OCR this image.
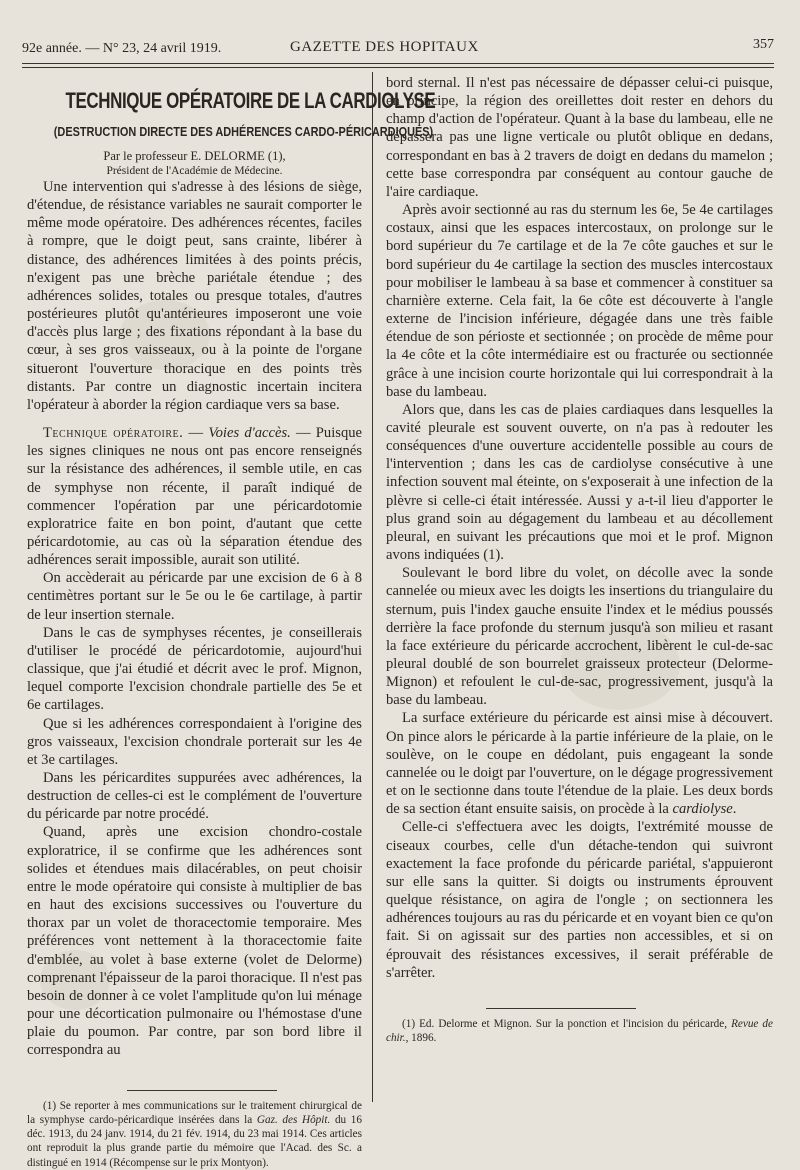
92e année. — N° 23, 24 avril 1919.	GAZETTE DES HOPITAUX	357
TECHNIQUE OPÉRATOIRE DE LA CARDIOLYSE
(DESTRUCTION DIRECTE DES ADHÉRENCES CARDO-PÉRICARDIQUES)

Par le professeur E. DELORME (1),

Président de l'Académie de Médecine.

Une intervention qui s'adresse à des lésions de siège, d'étendue, de résistance variables ne saurait comporter le même mode opératoire. Des adhérences récentes, faciles à rompre, que le doigt peut, sans crainte, libérer à distance, des adhérences limitées à des points précis, n'exigent pas une brèche pariétale étendue ; des adhérences solides, totales ou presque totales, d'autres postérieures plutôt qu'antérieures imposeront une voie d'accès plus large ; des fixations répondant à la base du cœur, à ses gros vaisseaux, ou à la pointe de l'organe situeront l'ouverture thoracique en des points très distants. Par contre un diagnostic incertain incitera l'opérateur à aborder la région cardiaque vers sa base.

Technique opératoire. — Voies d'accès. — Puisque les signes cliniques ne nous ont pas encore renseignés sur la résistance des adhérences, il semble utile, en cas de symphyse non récente, il paraît indiqué de commencer l'opération par une péricardotomie exploratrice faite en bon point, d'autant que cette péricardotomie, au cas où la séparation étendue des adhérences serait impossible, aurait son utilité.

On accèderait au péricarde par une excision de 6 à 8 centimètres portant sur le 5e ou le 6e cartilage, à partir de leur insertion sternale.

Dans le cas de symphyses récentes, je conseillerais d'utiliser le procédé de péricardotomie, aujourd'hui classique, que j'ai étudié et décrit avec le prof. Mignon, lequel comporte l'excision chondrale partielle des 5e et 6e cartilages.

Que si les adhérences correspondaient à l'origine des gros vaisseaux, l'excision chondrale porterait sur les 4e et 3e cartilages.

Dans les péricardites suppurées avec adhérences, la destruction de celles-ci est le complément de l'ouverture du péricarde par notre procédé.

Quand, après une excision chondro-costale exploratrice, il se confirme que les adhérences sont solides et étendues mais dilacérables, on peut choisir entre le mode opératoire qui consiste à multiplier de bas en haut des excisions successives ou l'ouverture du thorax par un volet de thoracectomie temporaire. Mes préférences vont nettement à la thoracectomie faite d'emblée, au volet à base externe (volet de Delorme) comprenant l'épaisseur de la paroi thoracique. Il n'est pas besoin de donner à ce volet l'amplitude qu'on lui ménage pour une décortication pulmonaire ou l'hémostase d'une plaie du poumon. Par contre, par son bord libre il correspondra au

(1) Se reporter à mes communications sur le traitement chirurgical de la symphyse cardo-péricardique insérées dans la Gaz. des Hôpit. du 16 déc. 1913, du 24 janv. 1914, du 21 fév. 1914, du 23 mai 1914. Ces articles ont reproduit la plus grande partie du mémoire que l'Acad. des Sc. a distingué en 1914 (Récompense sur le prix Montyon).

bord sternal. Il n'est pas nécessaire de dépasser celui-ci puisque, en principe, la région des oreillettes doit rester en dehors du champ d'action de l'opérateur. Quant à la base du lambeau, elle ne dépassera pas une ligne verticale ou plutôt oblique en dedans, correspondant en bas à 2 travers de doigt en dedans du mamelon ; cette base correspondra par conséquent au contour gauche de l'aire cardiaque.

Après avoir sectionné au ras du sternum les 6e, 5e 4e cartilages costaux, ainsi que les espaces intercostaux, on prolonge sur le bord supérieur du 7e cartilage et de la 7e côte gauches et sur le bord supérieur du 4e cartilage la section des muscles intercostaux pour mobiliser le lambeau à sa base et commencer à constituer sa charnière externe. Cela fait, la 6e côte est découverte à l'angle externe de l'incision inférieure, dégagée dans une très faible étendue de son périoste et sectionnée ; on procède de même pour la 4e côte et la côte intermédiaire est ou fracturée ou sectionnée grâce à une incision courte horizontale qui lui correspondrait à la base du lambeau.

Alors que, dans les cas de plaies cardiaques dans lesquelles la cavité pleurale est souvent ouverte, on n'a pas à redouter les conséquences d'une ouverture accidentelle possible au cours de l'intervention ; dans les cas de cardiolyse consécutive à une infection souvent mal éteinte, on s'exposerait à une infection de la plèvre si celle-ci était intéressée. Aussi y a-t-il lieu d'apporter le plus grand soin au dégagement du lambeau et au décollement pleural, en suivant les précautions que moi et le prof. Mignon avons indiquées (1).

Soulevant le bord libre du volet, on décolle avec la sonde cannelée ou mieux avec les doigts les insertions du triangulaire du sternum, puis l'index gauche ensuite l'index et le médius poussés derrière la face profonde du sternum jusqu'à son milieu et rasant la face extérieure du péricarde accrochent, libèrent le cul-de-sac pleural doublé de son bourrelet graisseux protecteur (Delorme-Mignon) et refoulent le cul-de-sac, progressivement, jusqu'à la base du lambeau.

La surface extérieure du péricarde est ainsi mise à découvert. On pince alors le péricarde à la partie inférieure de la plaie, on le soulève, on le coupe en dédolant, puis engageant la sonde cannelée ou le doigt par l'ouverture, on le dégage progressivement et on le sectionne dans toute l'étendue de la plaie. Les deux bords de sa section étant ensuite saisis, on procède à la cardiolyse.

Celle-ci s'effectuera avec les doigts, l'extrémité mousse de ciseaux courbes, celle d'un détache-tendon qui suivront exactement la face profonde du péricarde pariétal, s'appuieront sur elle sans la quitter. Si doigts ou instruments éprouvent quelque résistance, on agira de l'ongle ; on sectionnera les adhérences toujours au ras du péricarde et en voyant bien ce qu'on fait. Si on agissait sur des parties non accessibles, et si on éprouvait des résistances excessives, il serait préférable de s'arrêter.

(1) Ed. Delorme et Mignon. Sur la ponction et l'incision du péricarde, Revue de chir., 1896.
